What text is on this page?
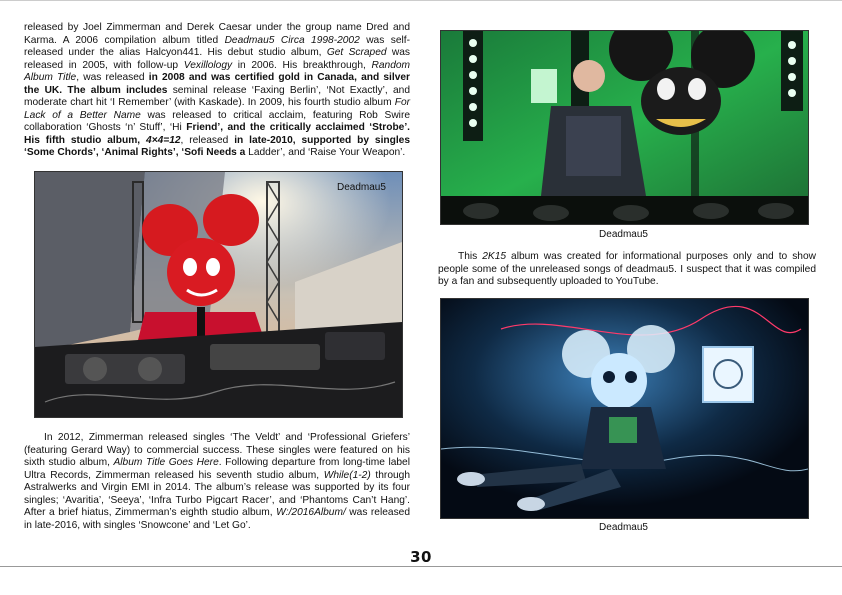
released by Joel Zimmerman and Derek Caesar under the group name Dred and Karma. A 2006 compilation album titled Deadmau5 Circa 1998-2002 was self-released under the alias Halcyon441. His debut studio album, Get Scraped was released in 2005, with follow-up Vexillology in 2006. His breakthrough, Random Album Title, was released in 2008 and was certified gold in Canada, and silver the UK. The album includes seminal release ‘Faxing Berlin’, ‘Not Exactly’, and moderate chart hit ‘I Remember’ (with Kaskade). In 2009, his fourth studio album For Lack of a Better Name was released to critical acclaim, featuring Rob Swire collaboration ‘Ghosts ‘n’ Stuff’, ‘Hi Friend’, and the critically acclaimed ‘Strobe’. His fifth studio album, 4×4=12, released in late-2010, supported by singles ‘Some Chords’, ‘Animal Rights’, ‘Sofi Needs a Ladder’, and ‘Raise Your Weapon’.

Deadmau5

In 2012, Zimmerman released singles ‘The Veldt’ and ‘Professional Griefers’ (featuring Gerard Way) to commercial success. These singles were featured on his sixth studio album, Album Title Goes Here. Following departure from long-time label Ultra Records, Zimmerman released his seventh studio album, While(1-2) through Astralwerks and Virgin EMI in 2014. The album’s release was supported by its four singles; ‘Avaritia’, ‘Seeya’, ‘Infra Turbo Pigcart Racer’, and ‘Phantoms Can’t Hang’. After a brief hiatus, Zimmerman’s eighth studio album, W:/2016Album/ was released in late-2016, with singles ‘Snowcone’ and ‘Let Go’.

Deadmau5

This 2K15 album was created for informational purposes only and to show people some of the unreleased songs of deadmau5. I suspect that it was compiled by a fan and subsequently uploaded to YouTube.

Deadmau5
30
